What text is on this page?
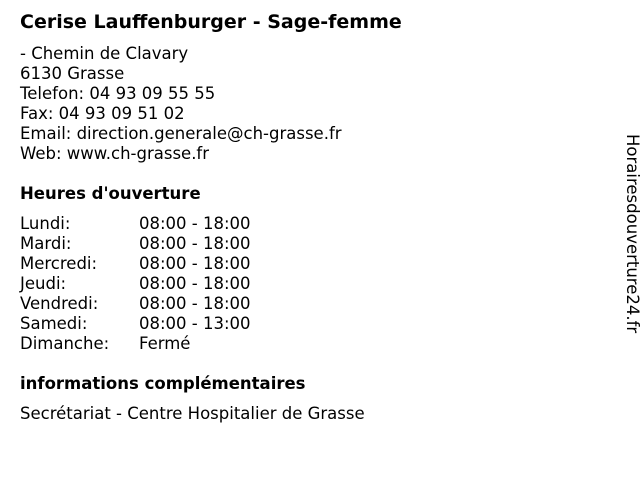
Cerise Lauffenburger - Sage-femme
- Chemin de Clavary
6130 Grasse
Telefon: 04 93 09 55 55
Fax: 04 93 09 51 02
Email: direction.generale@ch-grasse.fr
Web: www.ch-grasse.fr
Heures d'ouverture
Lundi:	08:00 - 18:00
Mardi:	08:00 - 18:00
Mercredi:	08:00 - 18:00
Jeudi:	08:00 - 18:00
Vendredi: 08:00 - 18:00
Samedi:	08:00 - 13:00
Dimanche: Fermé
informations complémentaires
Secrétariat - Centre Hospitalier de Grasse
Horairesdouverture24.fr
